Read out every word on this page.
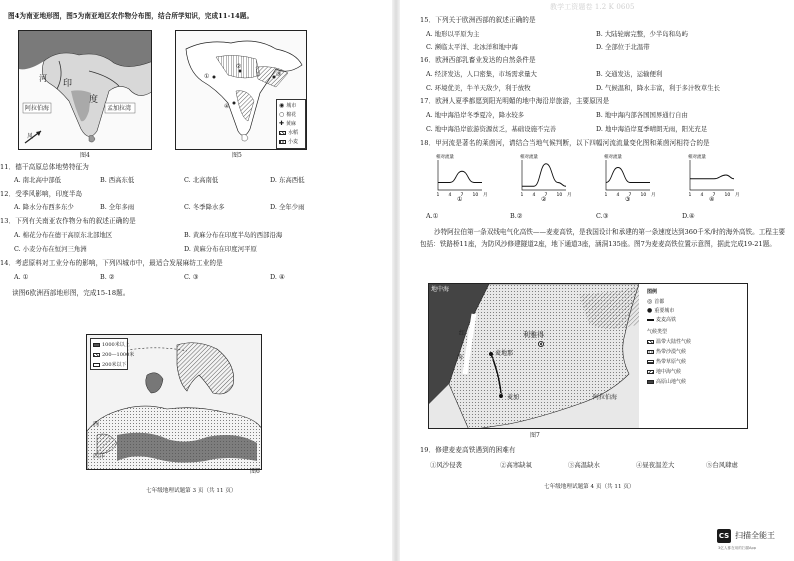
图4为南亚地形图，图5为南亚地区农作物分布图，结合所学知识，完成11-14题。
阿拉伯海	孟加拉湾
印
度
河
风
图4
①
②
③
④	◉ 城市
○ 棉花
✚ 黄麻
水稻
小麦
图5
11．德干高原总体地势特征为
A. 南北高中部低	B. 西高东低	C. 北高南低	D. 东高西低
12．受季风影响，印度半岛
A. 降水分布西多东少	B. 全年多雨	C. 冬季降水多	D. 全年少雨
13．下列有关南亚农作物分布的叙述正确的是
A. 棉花分布在德干高原东北部地区	B. 黄麻分布在印度半岛的西部沿海
C. 小麦分布在恒河三角洲	D. 黄麻分布在印度河平原
14．考虑原料对工业分布的影响，下列四城市中，最适合发展麻纺工业的是
A. ①	B. ②	C. ③	D. ④
读图6欧洲西部地形图，完成15-18题。
1000米以上
200—1000米
200米以下
西
西洋
图6
七年级地理试题第 3 页（共 11 页）
教学工资题卷 1.2 K 0605
15．下列关于欧洲西部的叙述正确的是
A. 地形以平原为主	B. 大陆轮廓完整，少半岛和岛屿
C. 濒临太平洋、北冰洋和地中海	D. 全部位于北温带
16．欧洲西部乳畜业发达的自然条件是
A. 经济发达，人口密集，市场需求量大	B. 交通发达，运输便利
C. 环境优美，牛羊天敌少，利于放牧	D. 气候温和，降水丰富，利于多汁牧草生长
17．欧洲人夏季都愿到阳光明媚的地中海沿岸旅游，主要原因是
A. 地中海沿岸冬季夏冷，降水较多	B. 地中海内部各国国界通行自由
C. 地中海沿岸旅游资源贫乏，基础设施不完善	D. 地中海沿岸夏季晴朗无雨，阳光充足
18．甲河流是著名的莱茵河，请结合当地气候判断，以下四幅河流流量变化图和莱茵河相符合的是
1 4 7 10 月
相对流量
①
1 4 7 10 月
相对流量
②
1 4 7 10 月
相对流量
③
1 4 7 10 月
相对流量
④
A.①	B.②	C.③	D.④
沙特阿拉伯第一条双线电气化高铁——麦麦高铁，是我国设计和承建的第一条速度达到360千米/时的海外高铁。工程主要包括：铁路桥11座，为防风沙修建隧道2座，地下通道3座，涵洞135座。图7为麦麦高铁位置示意图，据此完成19-21题。
地中海
红
海
利雅得
麦地那
麦加	阿拉伯海
图例
◎ 首都
● 重要城市
麦麦高铁
气候类型
温带大陆性气候
热带沙漠气候
热带草原气候
地中海气候
高原山地气候
图7
19．修建麦麦高铁遇到的困难有
①风沙侵袭	②高寒缺氧	③高温缺水	④昼夜温差大	⑤台风肆虐
七年级地理试题第 4 页（共 11 页）
CS 扫描全能王
3亿人都在用的扫描App
